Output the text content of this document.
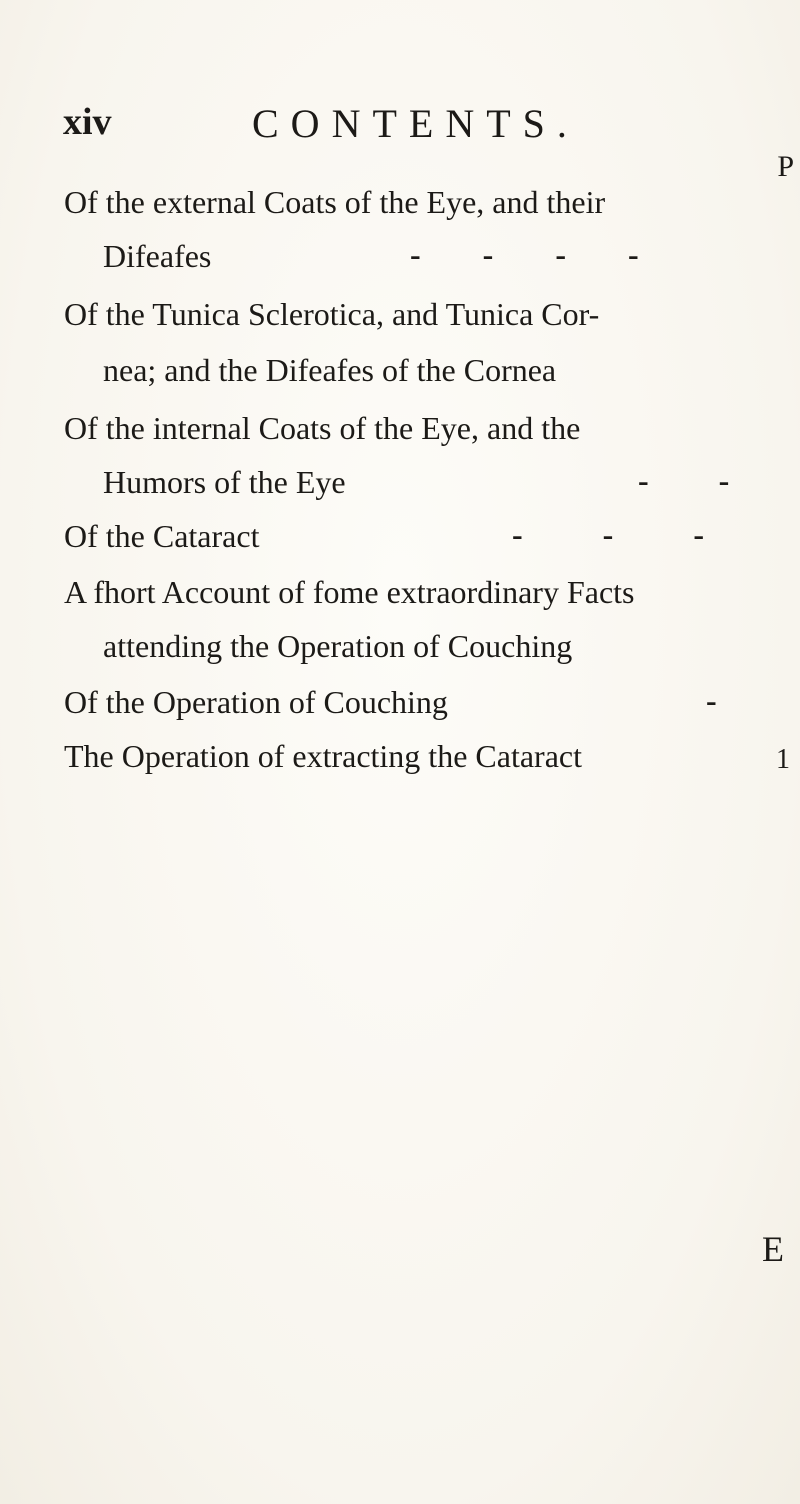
xiv	CONTENTS.
P
Of the external Coats of the Eye, and their
Difeafes	- - - -
Of the Tunica Sclerotica, and Tunica Cor-
nea; and the Difeafes of the Cornea
Of the internal Coats of the Eye, and the
Humors of the Eye	- -
Of the Cataract	- - -
A fhort Account of fome extraordinary Facts
attending the Operation of Couching
Of the Operation of Couching	-
The Operation of extracting the Cataract	1
E
